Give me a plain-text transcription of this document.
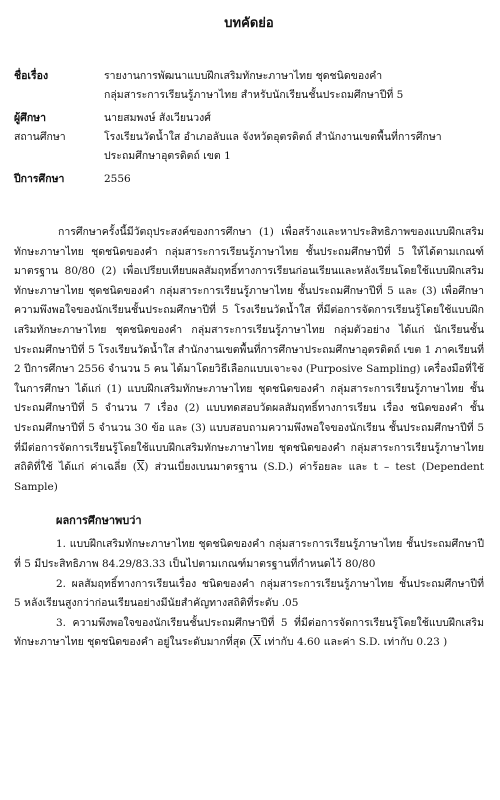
บทคัดย่อ
ชื่อเรื่อง	รายงานการพัฒนาแบบฝึกเสริมทักษะภาษาไทย ชุดชนิดของคำ
กลุ่มสาระการเรียนรู้ภาษาไทย สำหรับนักเรียนชั้นประถมศึกษาปีที่ 5
ผู้ศึกษา	นายสมพงษ์ สังเวียนวงศ์
สถานศึกษา	โรงเรียนวัดน้ำใส อำเภอลับแล จังหวัดอุตรดิตถ์ สำนักงานเขตพื้นที่การศึกษา
ประถมศึกษาอุตรดิตถ์ เขต 1
ปีการศึกษา	2556

การศึกษาครั้งนี้มีวัตถุประสงค์ของการศึกษา (1) เพื่อสร้างและหาประสิทธิภาพของแบบฝึกเสริมทักษะภาษาไทย ชุดชนิดของคำ กลุ่มสาระการเรียนรู้ภาษาไทย ชั้นประถมศึกษาปีที่ 5 ให้ได้ตามเกณฑ์มาตรฐาน 80/80 (2) เพื่อเปรียบเทียบผลสัมฤทธิ์ทางการเรียนก่อนเรียนและหลังเรียนโดยใช้แบบฝึกเสริมทักษะภาษาไทย ชุดชนิดของคำ กลุ่มสาระการเรียนรู้ภาษาไทย ชั้นประถมศึกษาปีที่ 5 และ (3) เพื่อศึกษาความพึงพอใจของนักเรียนชั้นประถมศึกษาปีที่ 5 โรงเรียนวัดน้ำใส ที่มีต่อการจัดการเรียนรู้โดยใช้แบบฝึกเสริมทักษะภาษาไทย ชุดชนิดของคำ กลุ่มสาระการเรียนรู้ภาษาไทย กลุ่มตัวอย่าง ได้แก่ นักเรียนชั้นประถมศึกษาปีที่ 5 โรงเรียนวัดน้ำใส สำนักงานเขตพื้นที่การศึกษาประถมศึกษาอุตรดิตถ์ เขต 1 ภาคเรียนที่ 2 ปีการศึกษา 2556 จำนวน 5 คน ได้มาโดยวิธีเลือกแบบเจาะจง (Purposive Sampling) เครื่องมือที่ใช้ในการศึกษา ได้แก่ (1) แบบฝึกเสริมทักษะภาษาไทย ชุดชนิดของคำ กลุ่มสาระการเรียนรู้ภาษาไทย ชั้นประถมศึกษาปีที่ 5 จำนวน 7 เรื่อง (2) แบบทดสอบวัดผลสัมฤทธิ์ทางการเรียน เรื่อง ชนิดของคำ ชั้นประถมศึกษาปีที่ 5 จำนวน 30 ข้อ และ (3) แบบสอบถามความพึงพอใจของนักเรียน ชั้นประถมศึกษาปีที่ 5 ที่มีต่อการจัดการเรียนรู้โดยใช้แบบฝึกเสริมทักษะภาษาไทย ชุดชนิดของคำ กลุ่มสาระการเรียนรู้ภาษาไทย สถิติที่ใช้ ได้แก่ ค่าเฉลี่ย $(\overline{X})$ ส่วนเบี่ยงเบนมาตรฐาน (S.D.) ค่าร้อยละ และ t – test (Dependent Sample)

ผลการศึกษาพบว่า

1. แบบฝึกเสริมทักษะภาษาไทย ชุดชนิดของคำ กลุ่มสาระการเรียนรู้ภาษาไทย ชั้นประถมศึกษาปีที่ 5 มีประสิทธิภาพ 84.29/83.33 เป็นไปตามเกณฑ์มาตรฐานที่กำหนดไว้ 80/80

2. ผลสัมฤทธิ์ทางการเรียนเรื่อง ชนิดของคำ กลุ่มสาระการเรียนรู้ภาษาไทย ชั้นประถมศึกษาปีที่ 5 หลังเรียนสูงกว่าก่อนเรียนอย่างมีนัยสำคัญทางสถิติที่ระดับ .05

3. ความพึงพอใจของนักเรียนชั้นประถมศึกษาปีที่ 5 ที่มีต่อการจัดการเรียนรู้โดยใช้แบบฝึกเสริมทักษะภาษาไทย ชุดชนิดของคำ อยู่ในระดับมากที่สุด ($\overline{X}$ เท่ากับ 4.60 และค่า S.D. เท่ากับ 0.23 )
